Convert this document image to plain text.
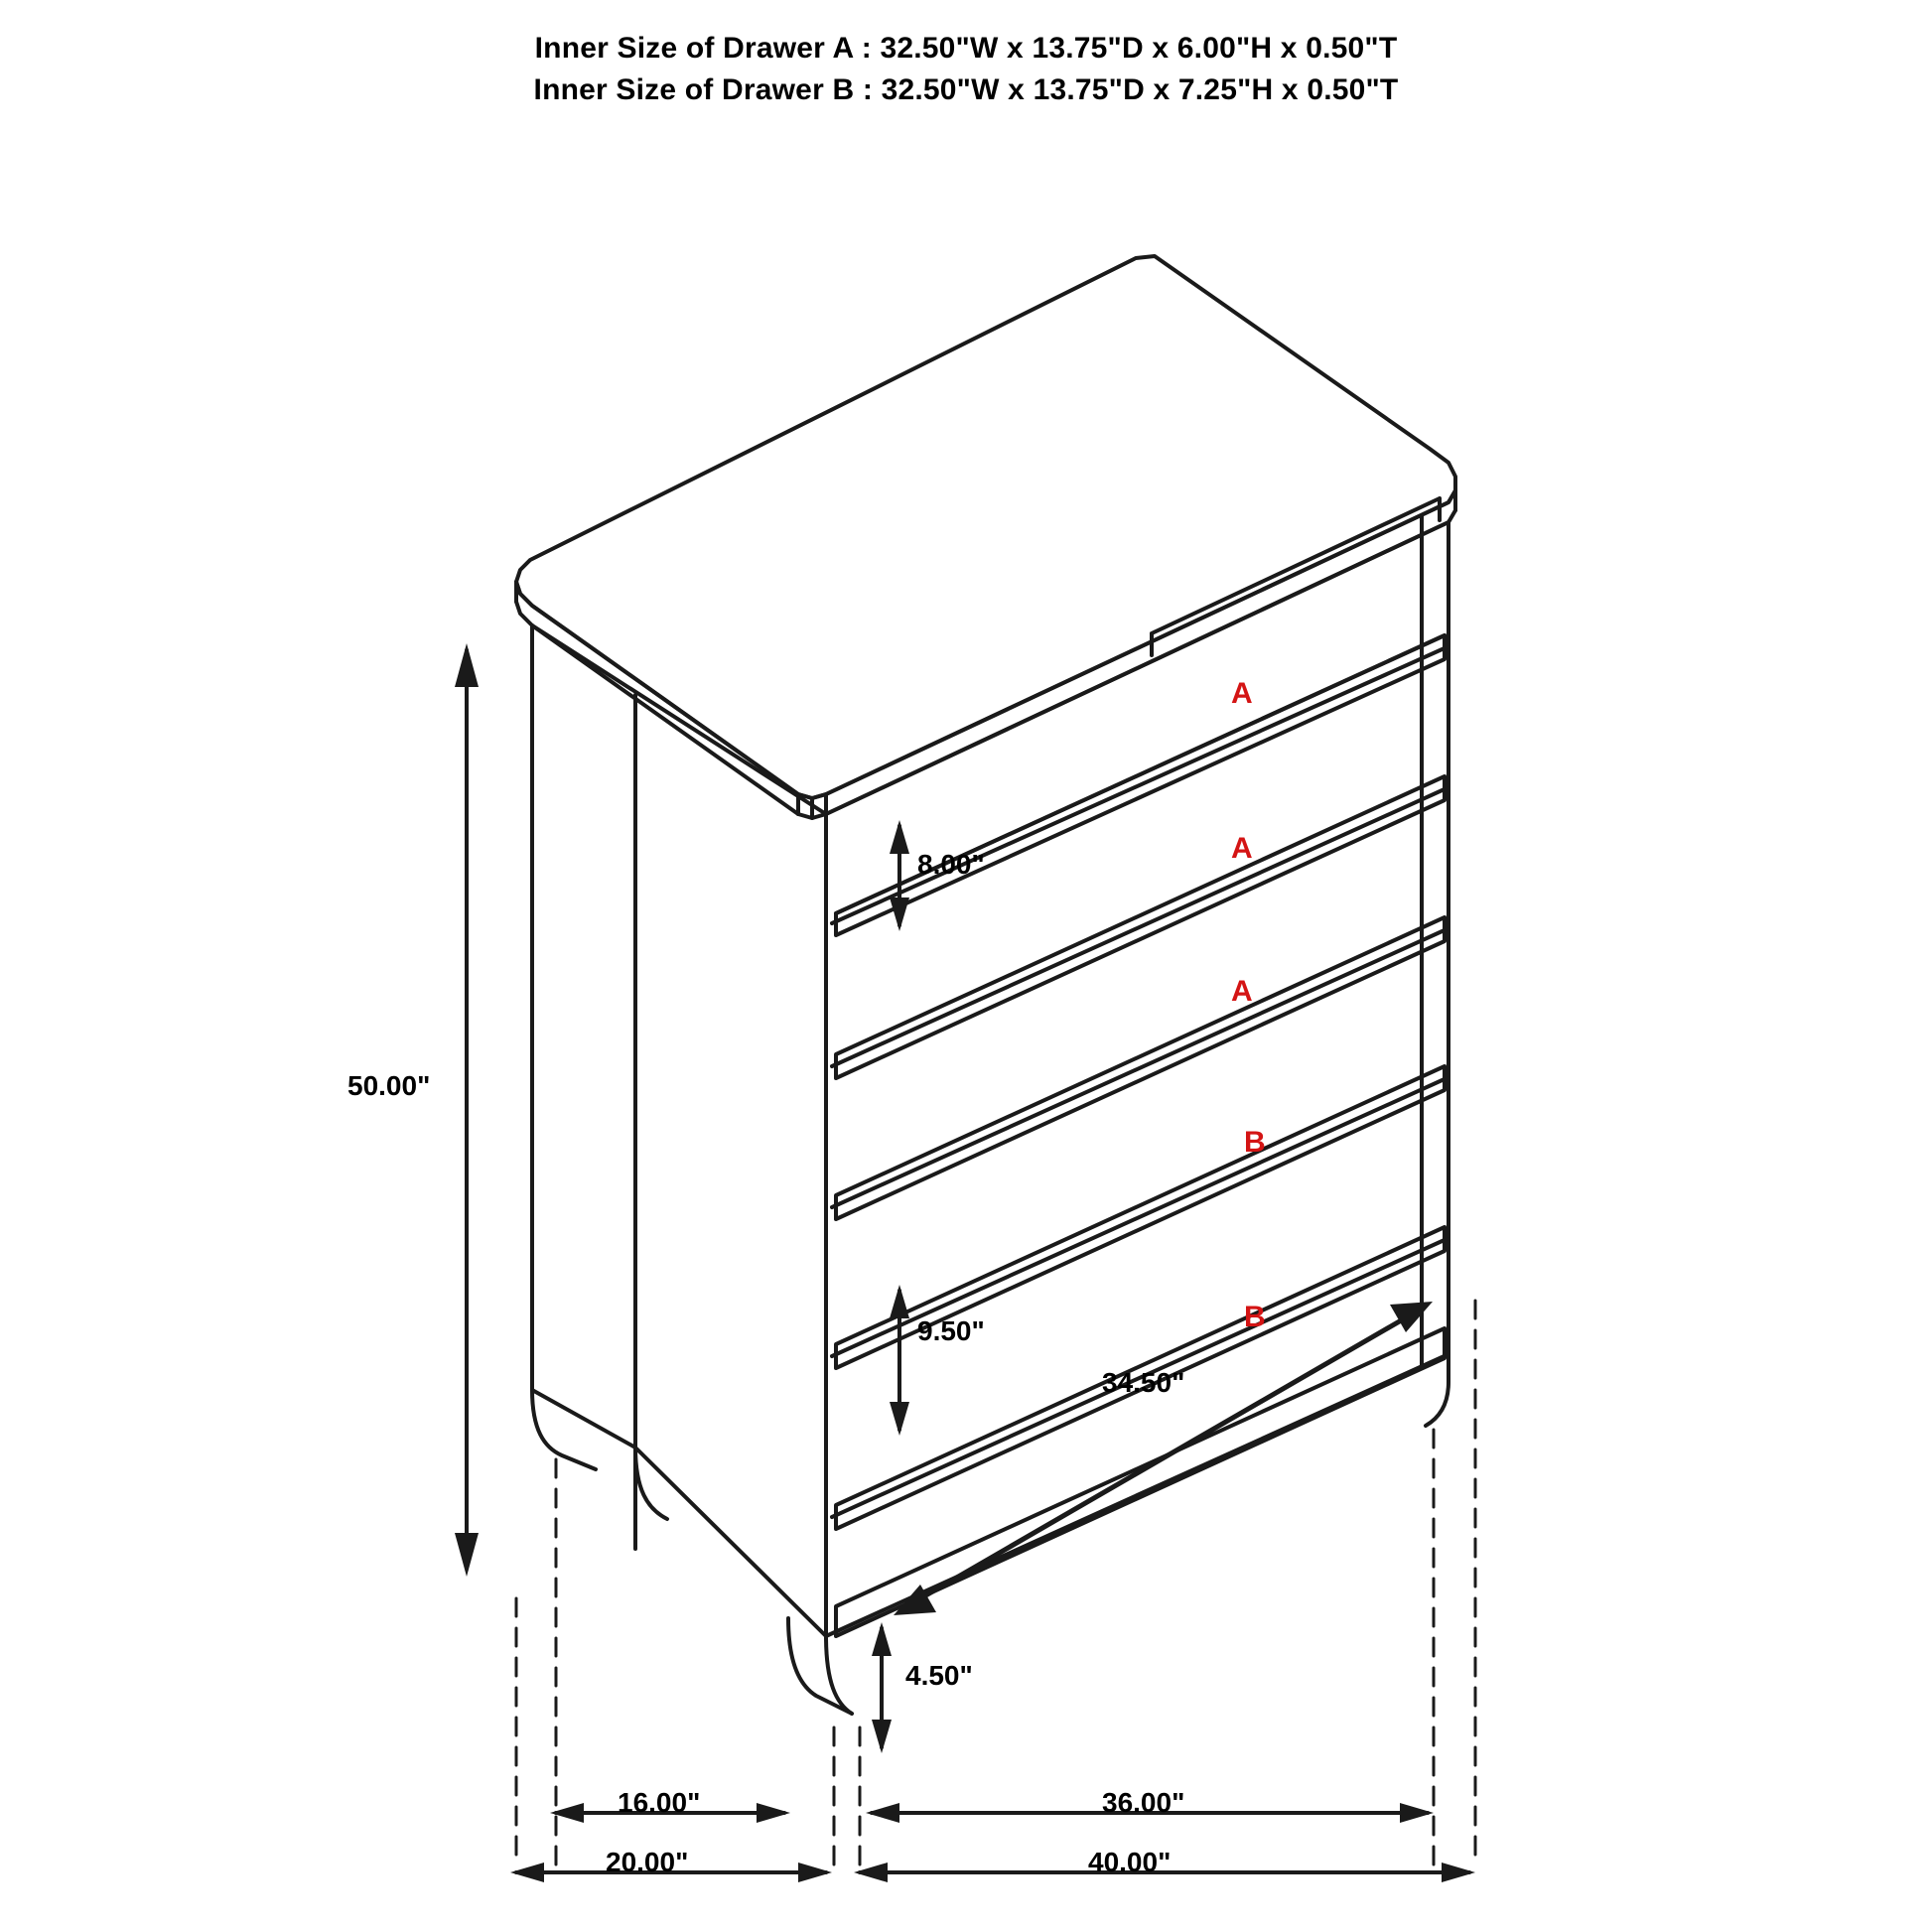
Inner Size of Drawer A : 32.50"W x 13.75"D x 6.00"H x 0.50"T
Inner Size of Drawer B : 32.50"W x 13.75"D x 7.25"H x 0.50"T
A
A
A
B
B
50.00"
8.00"
9.50"
34.50"
4.50"
16.00"
20.00"
36.00"
40.00"
